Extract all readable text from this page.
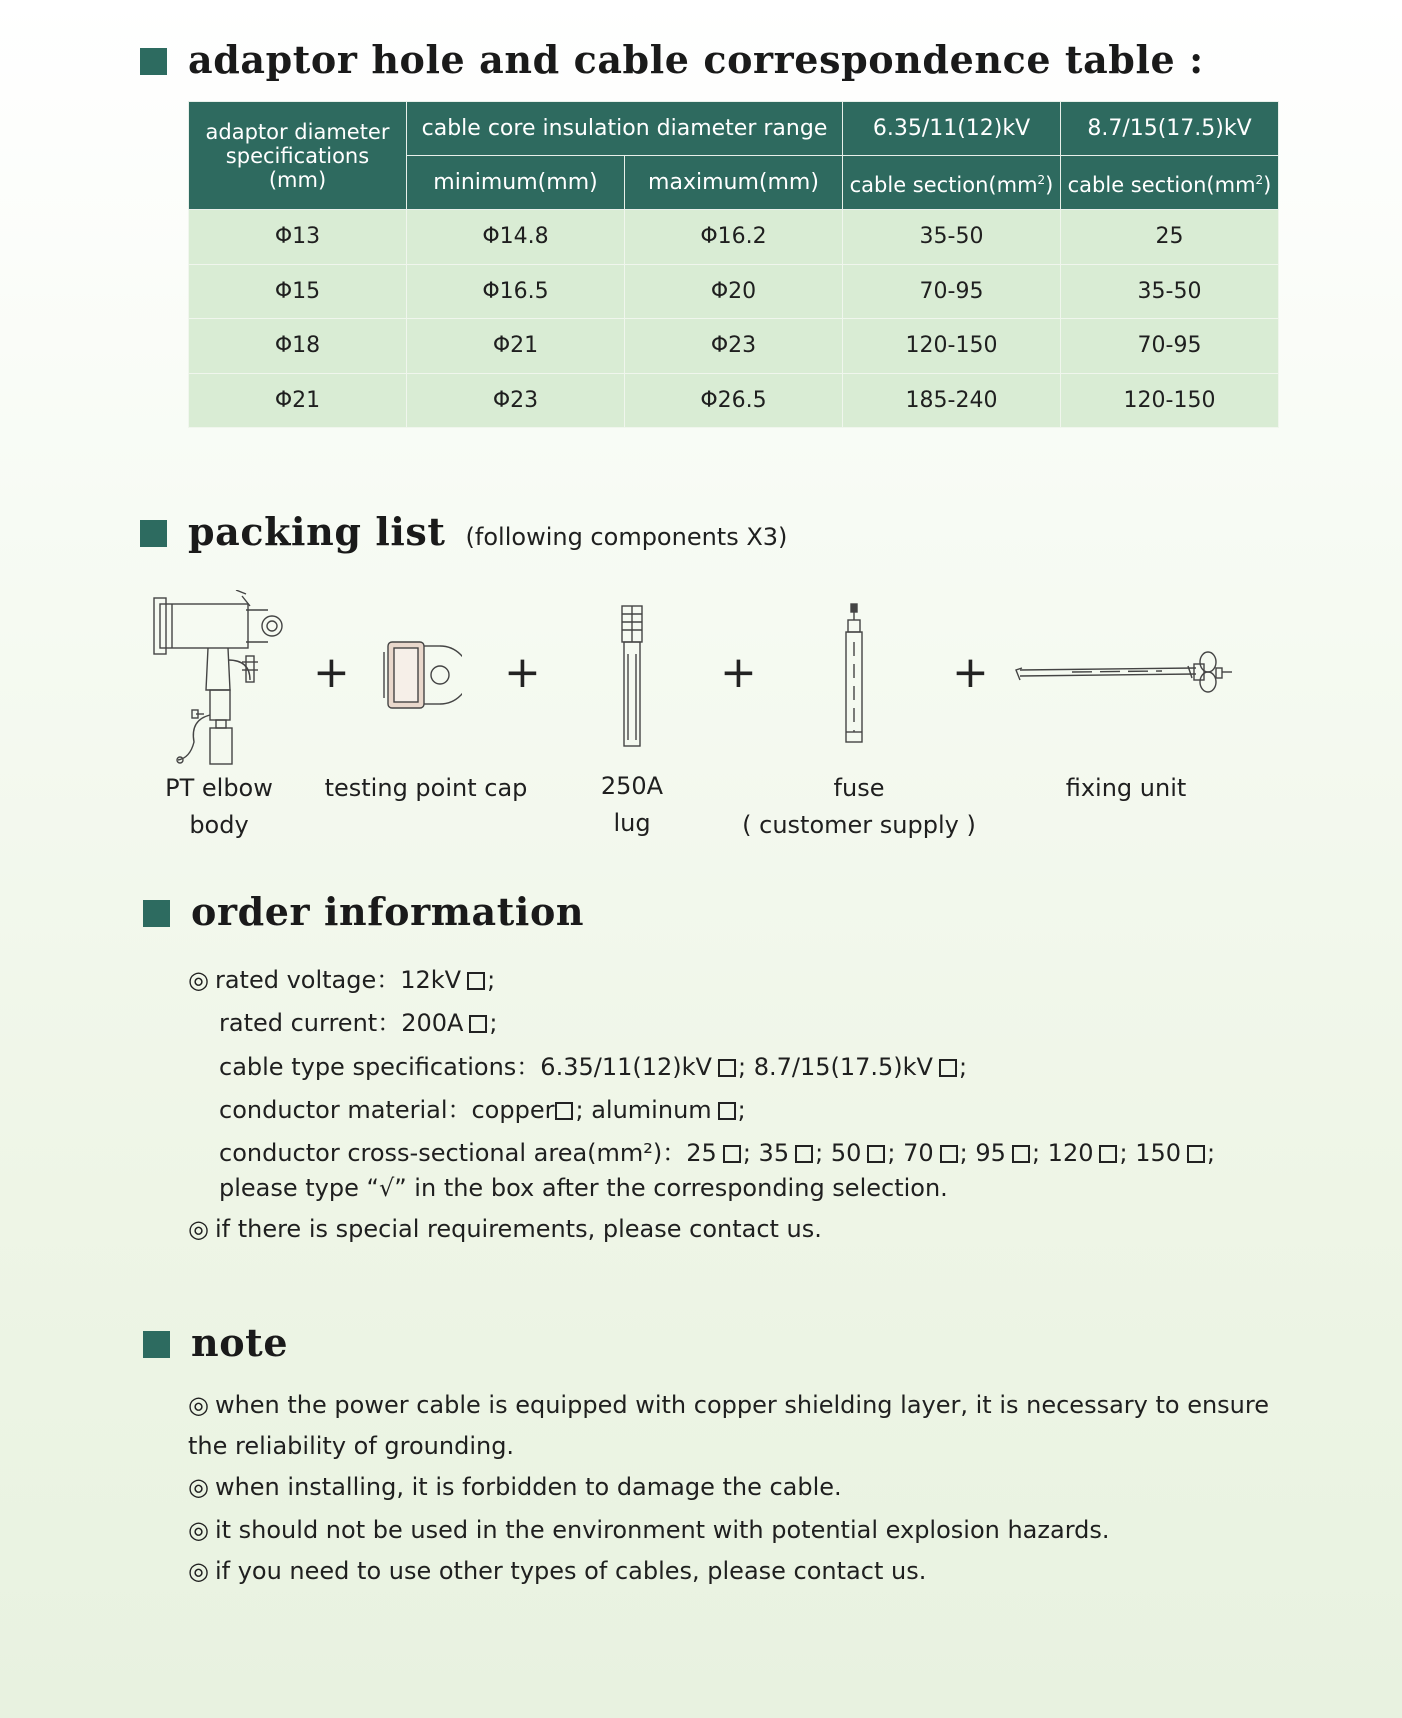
adaptor hole and cable correspondence table :
adaptor diameter specifications (mm)	cable core insulation diameter range		6.35/11(12)kV	8.7/15(17.5)kV
	minimum(mm)	maximum(mm)	cable $section(mm^2)$	cable $section(mm^2)$
Φ13	Φ14.8	Φ16.2	35-50	25
Φ15	Φ16.5	Φ20	70-95	35-50
Φ18	Φ21	Φ23	120-150	70-95
Φ21	Φ23	Φ26.5	185-240	120-150
packing list (following components X3)
+	+	+	+
PT elbow
body
testing point cap	250A
lug
fuse
( customer supply )
fixing unit
order information
◎ rated voltage：12kV ;
rated current：200A ;
cable type specifications：6.35/11(12)kV ; 8.7/15(17.5)kV ;
conductor material：copper ; aluminum ;
conductor cross-sectional area(mm²)：25 ; 35 ; 50 ; 70 ; 95 ; 120 ; 150 ;
please type “√” in the box after the corresponding selection.
◎ if there is special requirements, please contact us.
note
◎ when the power cable is equipped with copper shielding layer, it is necessary to ensure
the reliability of grounding.
◎ when installing, it is forbidden to damage the cable.
◎ it should not be used in the environment with potential explosion hazards.
◎ if you need to use other types of cables, please contact us.
